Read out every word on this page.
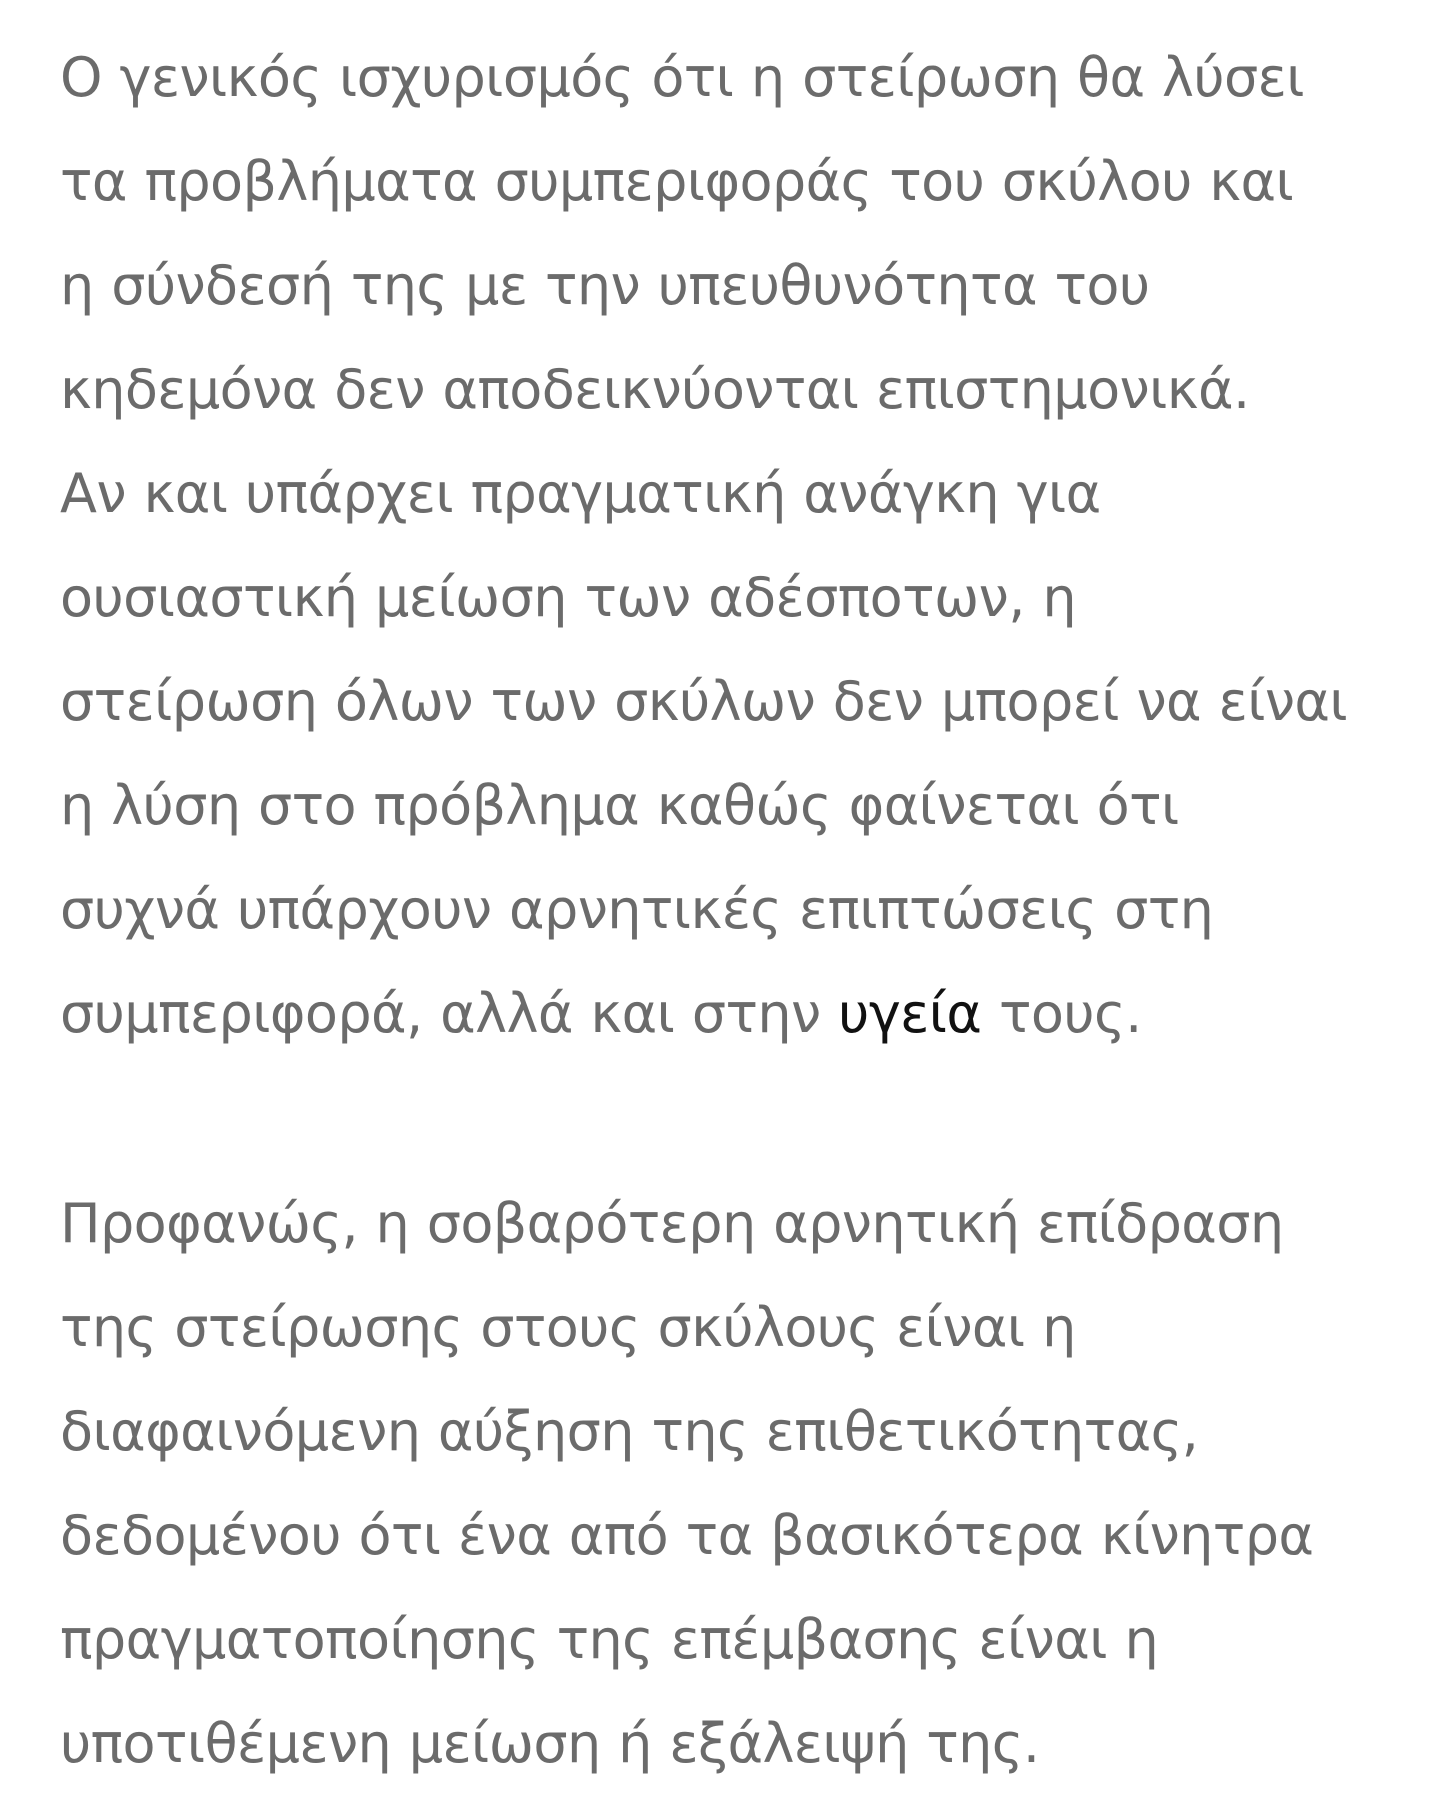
Ο γενικός ισχυρισμός ότι η στείρωση θα λύσει
τα προβλήματα συμπεριφοράς του σκύλου και
η σύνδεσή της με την υπευθυνότητα του
κηδεμόνα δεν αποδεικνύονται επιστημονικά.
Αν και υπάρχει πραγματική ανάγκη για
ουσιαστική μείωση των αδέσποτων, η
στείρωση όλων των σκύλων δεν μπορεί να είναι
η λύση στο πρόβλημα καθώς φαίνεται ότι
συχνά υπάρχουν αρνητικές επιπτώσεις στη
συμπεριφορά, αλλά και στην υγεία τους.

Προφανώς, η σοβαρότερη αρνητική επίδραση
της στείρωσης στους σκύλους είναι η
διαφαινόμενη αύξηση της επιθετικότητας,
δεδομένου ότι ένα από τα βασικότερα κίνητρα
πραγματοποίησης της επέμβασης είναι η
υποτιθέμενη μείωση ή εξάλειψή της.
